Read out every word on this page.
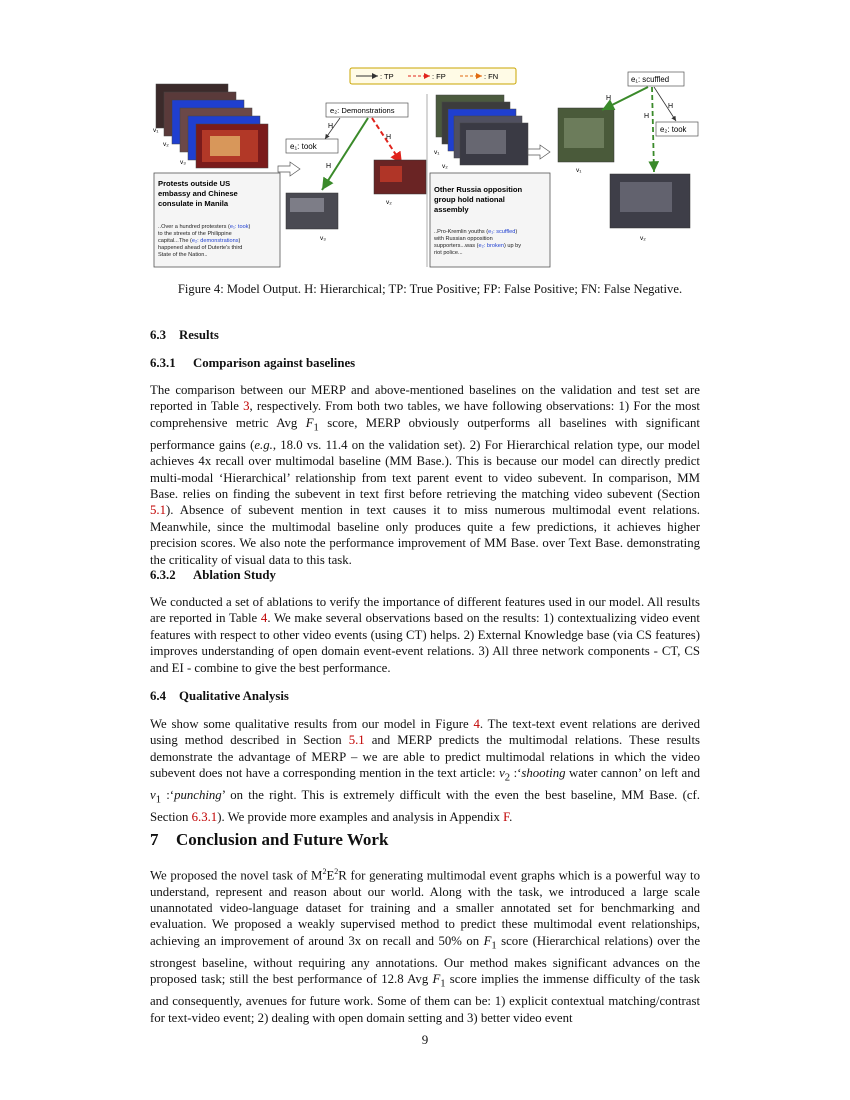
: TP	: FP	: FN
v₁
v₂
v₃
Protests outside US embassy and Chinese consulate in Manila
..Over a hundred protesters (e₁: took) to the streets of the Philippine capital...The (e₂: demonstrations) happened ahead of Duterte's third State of the Nation..
e₁: took
e₂: Demonstrations
H
H
H
v₂
v₃
v₁
v₂
Other Russia opposition group hold national assembly
..Pro-Kremlin youths (e₁: scuffled) with Russian opposition supporters...was (e₂: broken) up by riot police...
v₁
v₂
e₁: scuffled
e₂: took
H
H
H
Figure 4: Model Output. H: Hierarchical; TP: True Positive; FP: False Positive; FN: False Negative.
6.3 Results
6.3.1 Comparison against baselines
The comparison between our MERP and above-mentioned baselines on the validation and test set are reported in Table 3, respectively. From both two tables, we have following observations: 1) For the most comprehensive metric Avg $F_1$ score, MERP obviously outperforms all baselines with significant performance gains (e.g., 18.0 vs. 11.4 on the validation set). 2) For Hierarchical relation type, our model achieves 4x recall over multimodal baseline (MM Base.). This is because our model can directly predict multi-modal ‘Hierarchical’ relationship from text parent event to video subevent. In comparison, MM Base. relies on finding the subevent in text first before retrieving the matching video subevent (Section 5.1). Absence of subevent mention in text causes it to miss numerous multimodal event relations. Meanwhile, since the multimodal baseline only produces quite a few predictions, it achieves higher precision scores. We also note the performance improvement of MM Base. over Text Base. demonstrating the criticality of visual data to this task.
6.3.2 Ablation Study
We conducted a set of ablations to verify the importance of different features used in our model. All results are reported in Table 4. We make several observations based on the results: 1) contextualizing video event features with respect to other video events (using CT) helps. 2) External Knowledge base (via CS features) improves understanding of open domain event-event relations. 3) All three network components - CT, CS and EI - combine to give the best performance.
6.4 Qualitative Analysis
We show some qualitative results from our model in Figure 4. The text-text event relations are derived using method described in Section 5.1 and MERP predicts the multimodal relations. These results demonstrate the advantage of MERP – we are able to predict multimodal relations in which the video subevent does not have a corresponding mention in the text article: $v_2$ :‘shooting water cannon’ on left and $v_1$ :‘punching’ on the right. This is extremely difficult with the even the best baseline, MM Base. (cf. Section 6.3.1). We provide more examples and analysis in Appendix F.
7 Conclusion and Future Work
We proposed the novel task of $M^2E^2R$ for generating multimodal event graphs which is a powerful way to understand, represent and reason about our world. Along with the task, we introduced a large scale unannotated video-language dataset for training and a smaller annotated set for benchmarking and evaluation. We proposed a weakly supervised method to predict these multimodal event relationships, achieving an improvement of around 3x on recall and 50% on $F_1$ score (Hierarchical relations) over the strongest baseline, without requiring any annotations. Our method makes significant advances on the proposed task; still the best performance of 12.8 Avg $F_1$ score implies the immense difficulty of the task and consequently, avenues for future work. Some of them can be: 1) explicit contextual matching/contrast for text-video event; 2) dealing with open domain setting and 3) better video event
9
